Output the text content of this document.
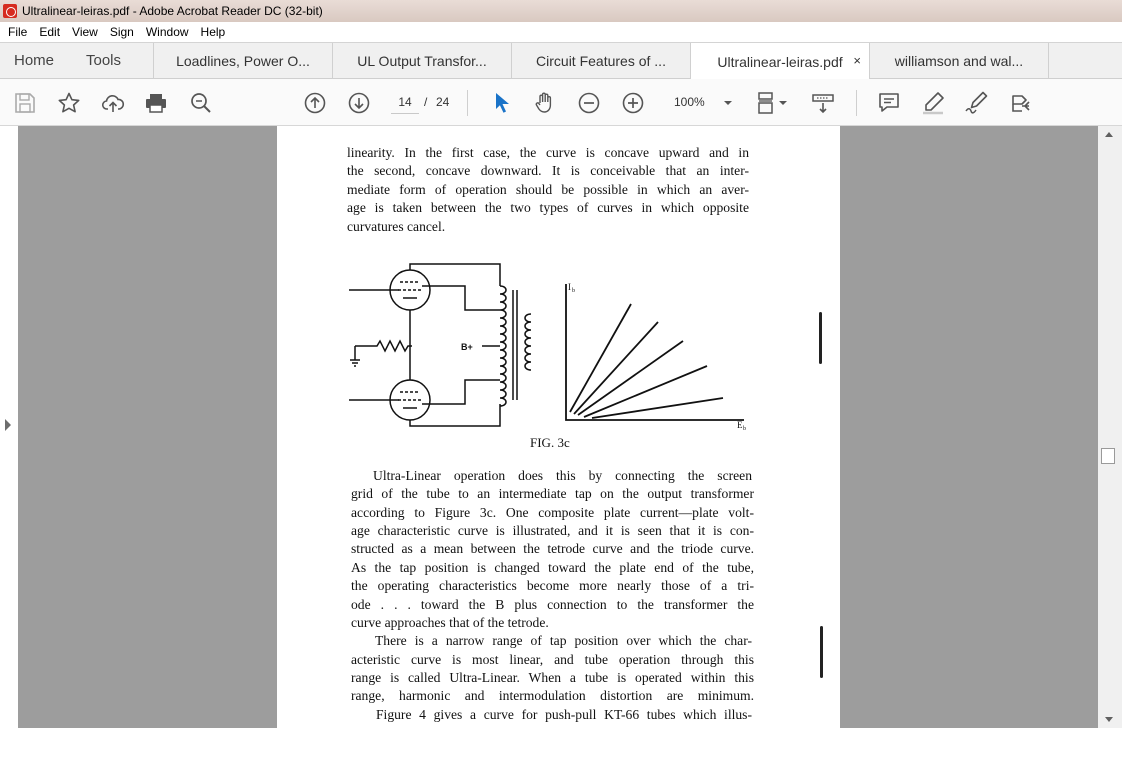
Ultralinear-leiras.pdf - Adobe Acrobat Reader DC (32-bit)
File	Edit	View	Sign	Window	Help
Home	Tools	Loadlines, Power O...	UL Output Transfor...	Circuit Features of ...	Ultralinear-leiras.pdf × williamson and wal...
14	/ 24	100%
linearity. In the first case, the curve is concave upward and in
the second, concave downward. It is conceivable that an inter-
mediate form of operation should be possible in which an aver-
age is taken between the two types of curves in which opposite
curvatures cancel.
B+
I b
E b
FIG. 3c
Ultra-Linear operation does this by connecting the screen
grid of the tube to an intermediate tap on the output transformer
according to Figure 3c. One composite plate current—plate volt-
age characteristic curve is illustrated, and it is seen that it is con-
structed as a mean between the tetrode curve and the triode curve.
As the tap position is changed toward the plate end of the tube,
the operating characteristics become more nearly those of a tri-
ode . . . toward the B plus connection to the transformer the
curve approaches that of the tetrode.
There is a narrow range of tap position over which the char-
acteristic curve is most linear, and tube operation through this
range is called Ultra-Linear. When a tube is operated within this
range, harmonic and intermodulation distortion are minimum.
Figure 4 gives a curve for push-pull KT-66 tubes which illus-
